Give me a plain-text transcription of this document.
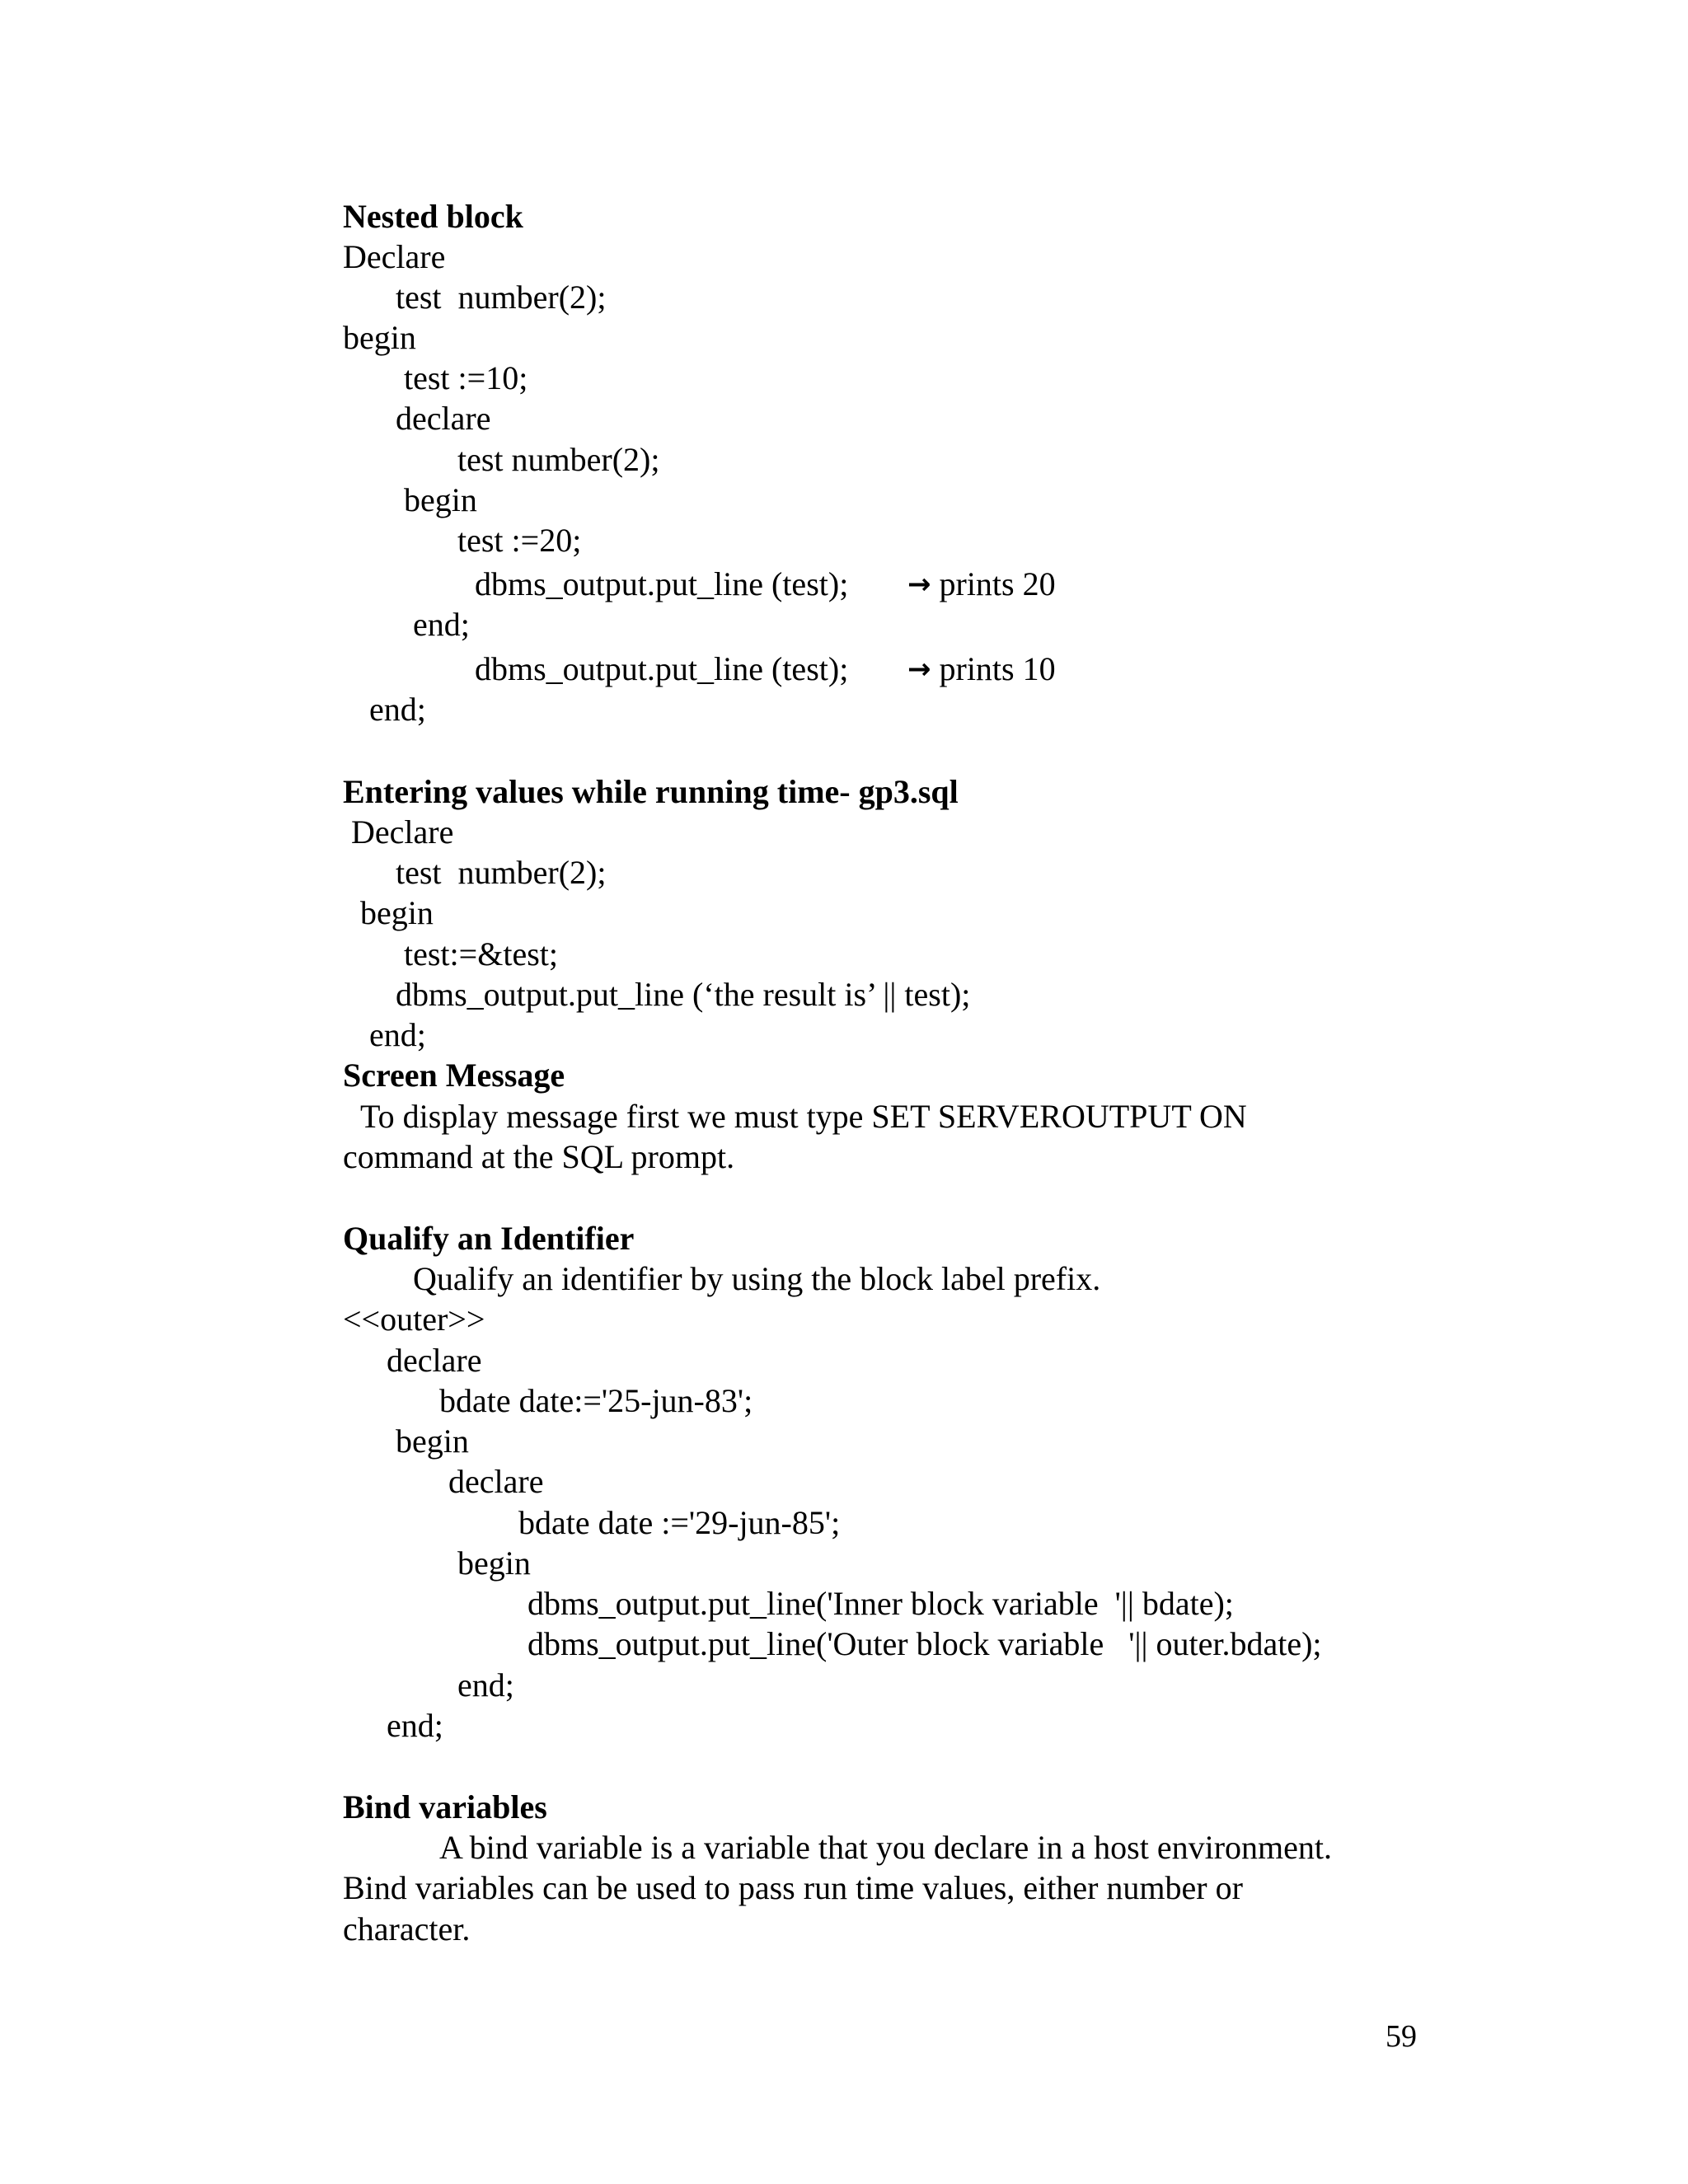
Nested block
Declare
test  number(2);
begin
test :=10;
declare
test number(2);
begin
test :=20;
dbms_output.put_line (test); → prints 20
end;
dbms_output.put_line (test); → prints 10
end;
Entering values while running time- gp3.sql
Declare
test  number(2);
begin
test:=&test;
dbms_output.put_line (‘the result is’ || test);
end;
Screen Message
To display message first we must type SET SERVEROUTPUT ON
command at the SQL prompt.
Qualify an Identifier
Qualify an identifier by using the block label prefix.
<<outer>>
declare
bdate date:='25-jun-83';
begin
declare
bdate date :='29-jun-85';
begin
dbms_output.put_line('Inner block variable  '|| bdate);
dbms_output.put_line('Outer block variable   '|| outer.bdate);
end;
end;
Bind variables
A bind variable is a variable that you declare in a host environment.
Bind variables can be used to pass run time values, either number or
character.
59
